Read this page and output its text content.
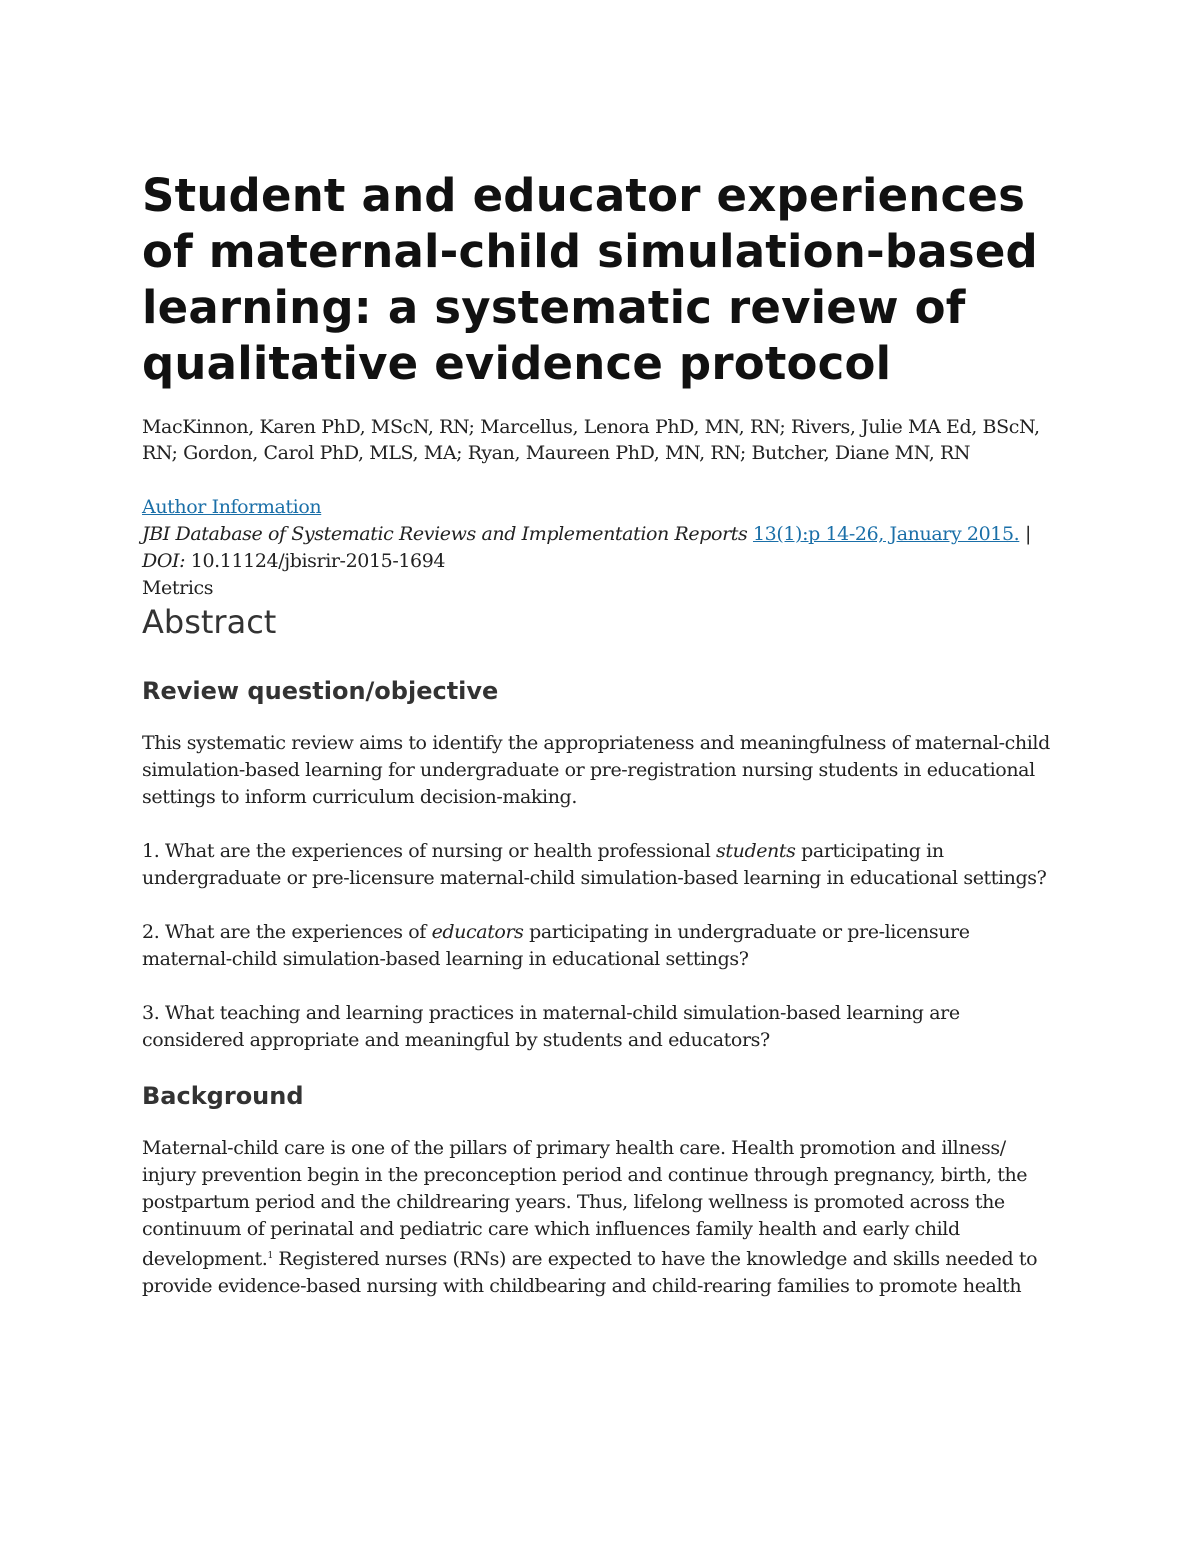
Student and educator experiences of maternal-child simulation-based learning: a systematic review of qualitative evidence protocol

MacKinnon, Karen PhD, MScN, RN; Marcellus, Lenora PhD, MN, RN; Rivers, Julie MA Ed, BScN, RN; Gordon, Carol PhD, MLS, MA; Ryan, Maureen PhD, MN, RN; Butcher, Diane MN, RN

Author Information
JBI Database of Systematic Reviews and Implementation Reports 13(1):p 14-26, January 2015. | DOI: 10.11124/jbisrir-2015-1694
Metrics
Abstract
Review question/objective

This systematic review aims to identify the appropriateness and meaningfulness of maternal-child simulation-based learning for undergraduate or pre-registration nursing students in educational settings to inform curriculum decision-making.

1. What are the experiences of nursing or health professional students participating in undergraduate or pre-licensure maternal-child simulation-based learning in educational settings?

2. What are the experiences of educators participating in undergraduate or pre-licensure maternal-child simulation-based learning in educational settings?

3. What teaching and learning practices in maternal-child simulation-based learning are considered appropriate and meaningful by students and educators?

Background

Maternal-child care is one of the pillars of primary health care. Health promotion and illness/ injury prevention begin in the preconception period and continue through pregnancy, birth, the postpartum period and the childrearing years. Thus, lifelong wellness is promoted across the continuum of perinatal and pediatric care which influences family health and early child development.$^1$ Registered nurses (RNs) are expected to have the knowledge and skills needed to provide evidence-based nursing with childbearing and child-rearing families to promote health
